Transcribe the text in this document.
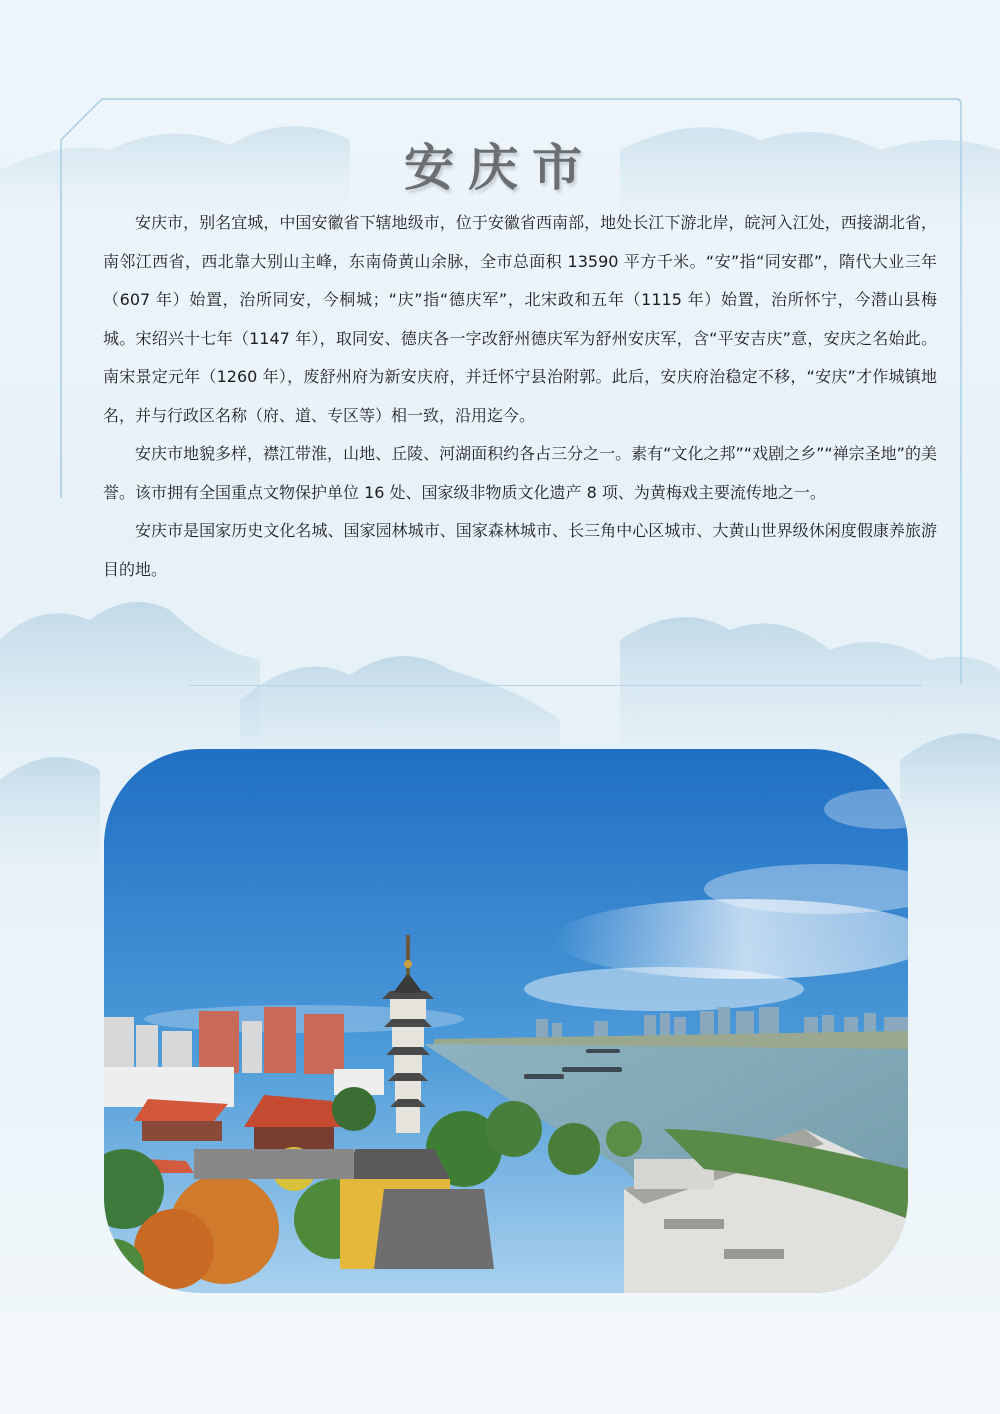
安庆市

安庆市，别名宜城，中国安徽省下辖地级市，位于安徽省西南部，地处长江下游北岸，皖河入江处，西接湖北省，南邻江西省，西北靠大别山主峰，东南倚黄山余脉，全市总面积 13590 平方千米。“安”指“同安郡”，隋代大业三年（607 年）始置，治所同安，今桐城；“庆”指“德庆军”，北宋政和五年（1115 年）始置，治所怀宁，今潜山县梅城。宋绍兴十七年（1147 年），取同安、德庆各一字改舒州德庆军为舒州安庆军，含“平安吉庆”意，安庆之名始此。南宋景定元年（1260 年），废舒州府为新安庆府，并迁怀宁县治附郭。此后，安庆府治稳定不移，“安庆”才作城镇地名，并与行政区名称（府、道、专区等）相一致，沿用迄今。

安庆市地貌多样，襟江带淮，山地、丘陵、河湖面积约各占三分之一。素有“文化之邦”“戏剧之乡”“禅宗圣地”的美誉。该市拥有全国重点文物保护单位 16 处、国家级非物质文化遗产 8 项、为黄梅戏主要流传地之一。

安庆市是国家历史文化名城、国家园林城市、国家森林城市、长三角中心区城市、大黄山世界级休闲度假康养旅游目的地。
